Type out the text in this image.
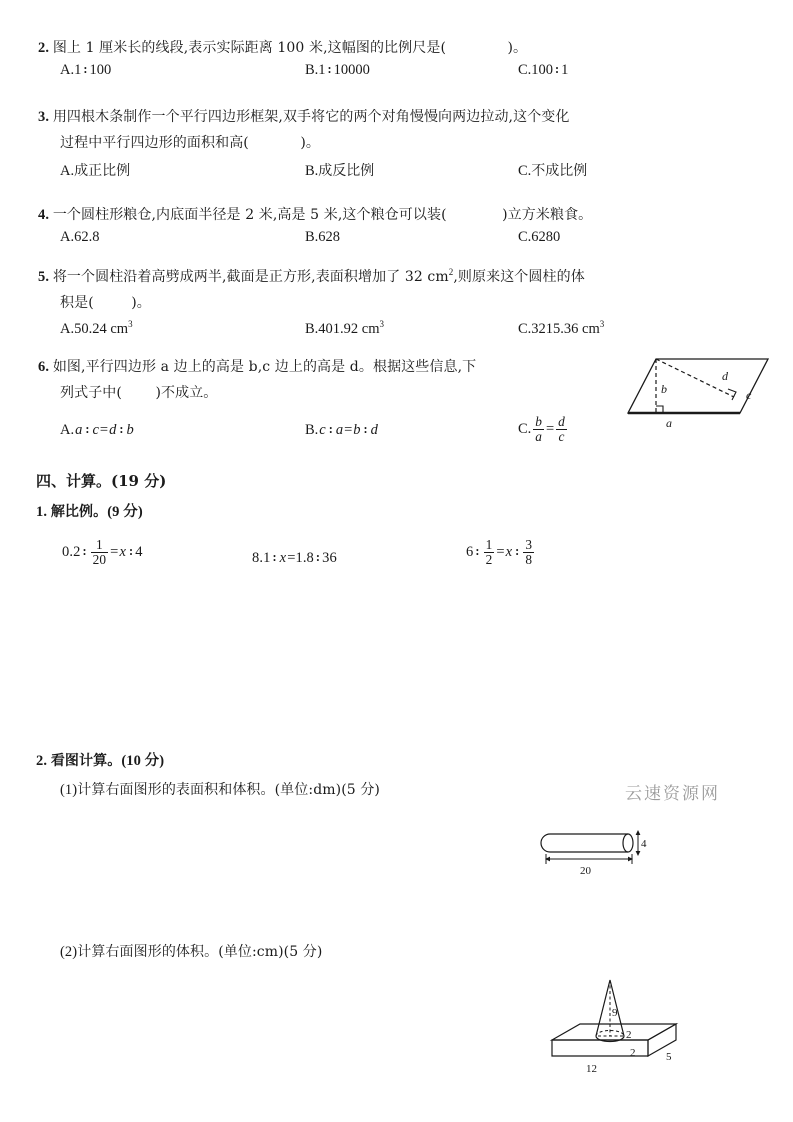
2. 图上 1 厘米长的线段,表示实际距离 100 米,这幅图的比例尺是(	)。
A.1 : 100	B.1 : 10000	C.100 : 1
3. 用四根木条制作一个平行四边形框架,双手将它的两个对角慢慢向两边拉动,这个变化
过程中平行四边形的面积和高(	)。
A.成正比例	B.成反比例	C.不成比例
4. 一个圆柱形粮仓,内底面半径是 2 米,高是 5 米,这个粮仓可以装(	)立方米粮食。
A.62.8	B.628	C.6280
5. 将一个圆柱沿着高劈成两半,截面是正方形,表面积增加了 32 $cm^2$,则原来这个圆柱的体
积是(	)。
A.50.24 $cm^3$	B.401.92 $cm^3$	C.3215.36 $cm^3$
6. 如图,平行四边形 a 边上的高是 b,c 边上的高是 d。根据这些信息,下
列式子中( )不成立。
d
b	c
a
A.a : c=d : b	B.c : a=b : d	C. $\frac{b}{a} = \frac{d}{c}$
四、计算。(19 分)
1. 解比例。(9 分)
0.2 : $\frac{1}{20} =x$ : 4	8.1 : x=1.8 : 36	6 : $\frac{1}{2} =x$ : $\frac{3}{8}$
2. 看图计算。(10 分)
(1)计算右面图形的表面积和体积。(单位:dm)(5 分)	云速资源网
4
20
(2)计算右面图形的体积。(单位:cm)(5 分)
9
2
2
12
5
